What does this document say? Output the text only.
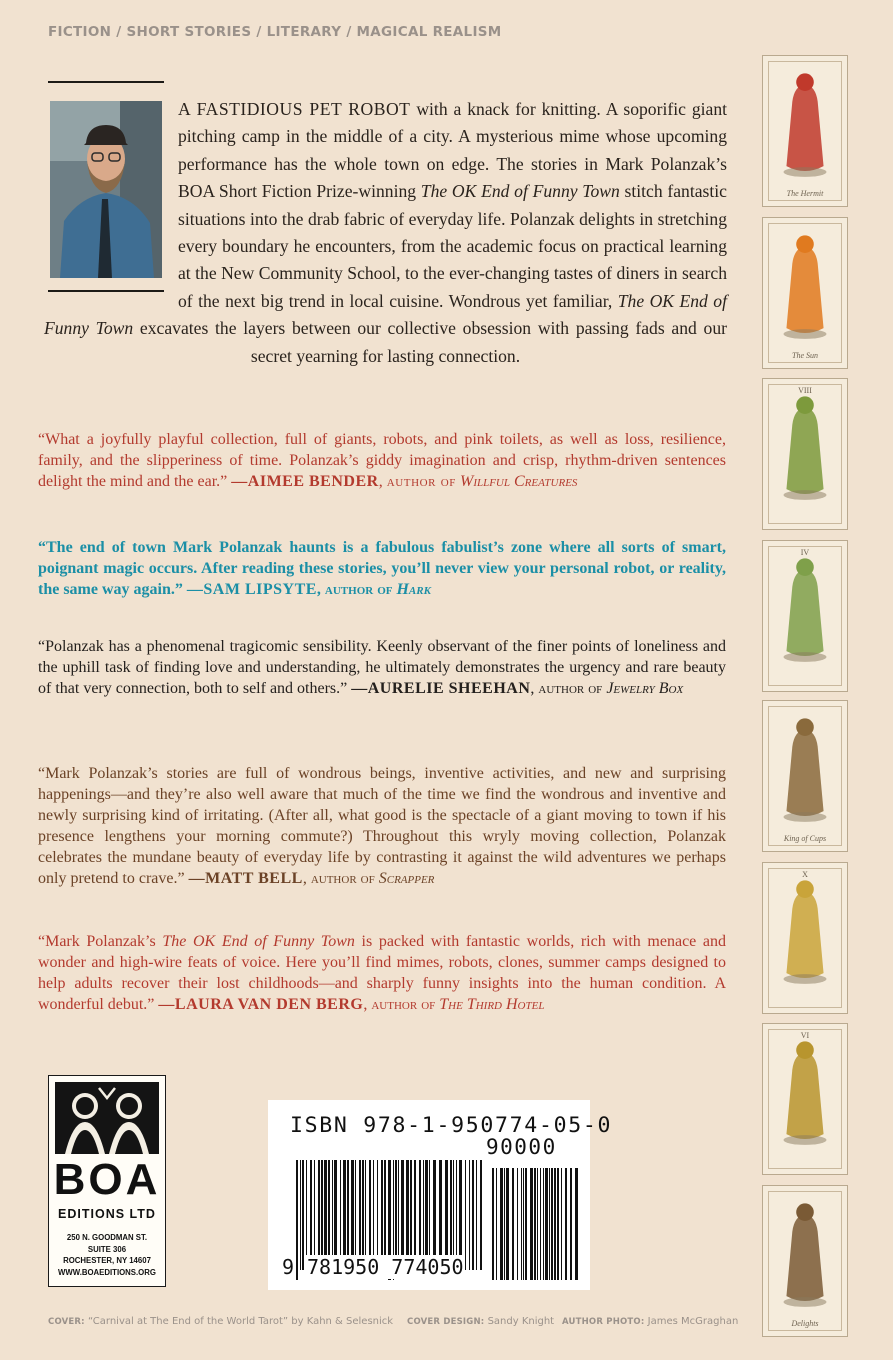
FICTION / SHORT STORIES / LITERARY / MAGICAL REALISM
A FASTIDIOUS PET ROBOT with a knack for knitting. A soporific giant pitching camp in the middle of a city. A mysterious mime whose upcoming performance has the whole town on edge. The stories in Mark Polanzak’s BOA Short Fiction Prize-winning The OK End of Funny Town stitch fantastic situations into the drab fabric of everyday life. Polanzak delights in stretching every boundary he encounters, from the academic focus on practical learning at the New Community School, to the ever-changing tastes of diners in search of the next big trend in local cuisine. Wondrous yet familiar, The OK End of Funny Town excavates the layers between our collective obsession with passing fads and our secret yearning for lasting connection.
“What a joyfully playful collection, full of giants, robots, and pink toilets, as well as loss, resilience, family, and the slipperiness of time. Polanzak’s giddy imagination and crisp, rhythm-driven sentences delight the mind and the ear.” —AIMEE BENDER, author of Willful Creatures
“The end of town Mark Polanzak haunts is a fabulous fabulist’s zone where all sorts of smart, poignant magic occurs. After reading these stories, you’ll never view your personal robot, or reality, the same way again.” —SAM LIPSYTE, author of Hark
“Polanzak has a phenomenal tragicomic sensibility. Keenly observant of the finer points of loneliness and the uphill task of finding love and understanding, he ultimately demonstrates the urgency and rare beauty of that very connection, both to self and others.” —AURELIE SHEEHAN, author of Jewelry Box
“Mark Polanzak’s stories are full of wondrous beings, inventive activities, and new and surprising happenings—and they’re also well aware that much of the time we find the wondrous and inventive and newly surprising kind of irritating. (After all, what good is the spectacle of a giant moving to town if his presence lengthens your morning commute?) Throughout this wryly moving collection, Polanzak celebrates the mundane beauty of everyday life by contrasting it against the wild adventures we perhaps only pretend to crave.” —MATT BELL, author of Scrapper
“Mark Polanzak’s The OK End of Funny Town is packed with fantastic worlds, rich with menace and wonder and high-wire feats of voice. Here you’ll find mimes, robots, clones, summer camps designed to help adults recover their lost childhoods—and sharply funny insights into the human condition. A wonderful debut.” —LAURA VAN DEN BERG, author of The Third Hotel
The Hermit
The Sun
VIII
IV
King of Cups
X
VI
Delights
BOA
EDITIONS LTD
250 N. GOODMAN ST.
SUITE 306
ROCHESTER, NY 14607
WWW.BOAEDITIONS.ORG
ISBN 978-1-950774-05-0
90000
9 781950 774050
COVER: “Carnival at The End of the World Tarot” by Kahn & Selesnick COVER DESIGN: Sandy Knight AUTHOR PHOTO: James McGraghan
